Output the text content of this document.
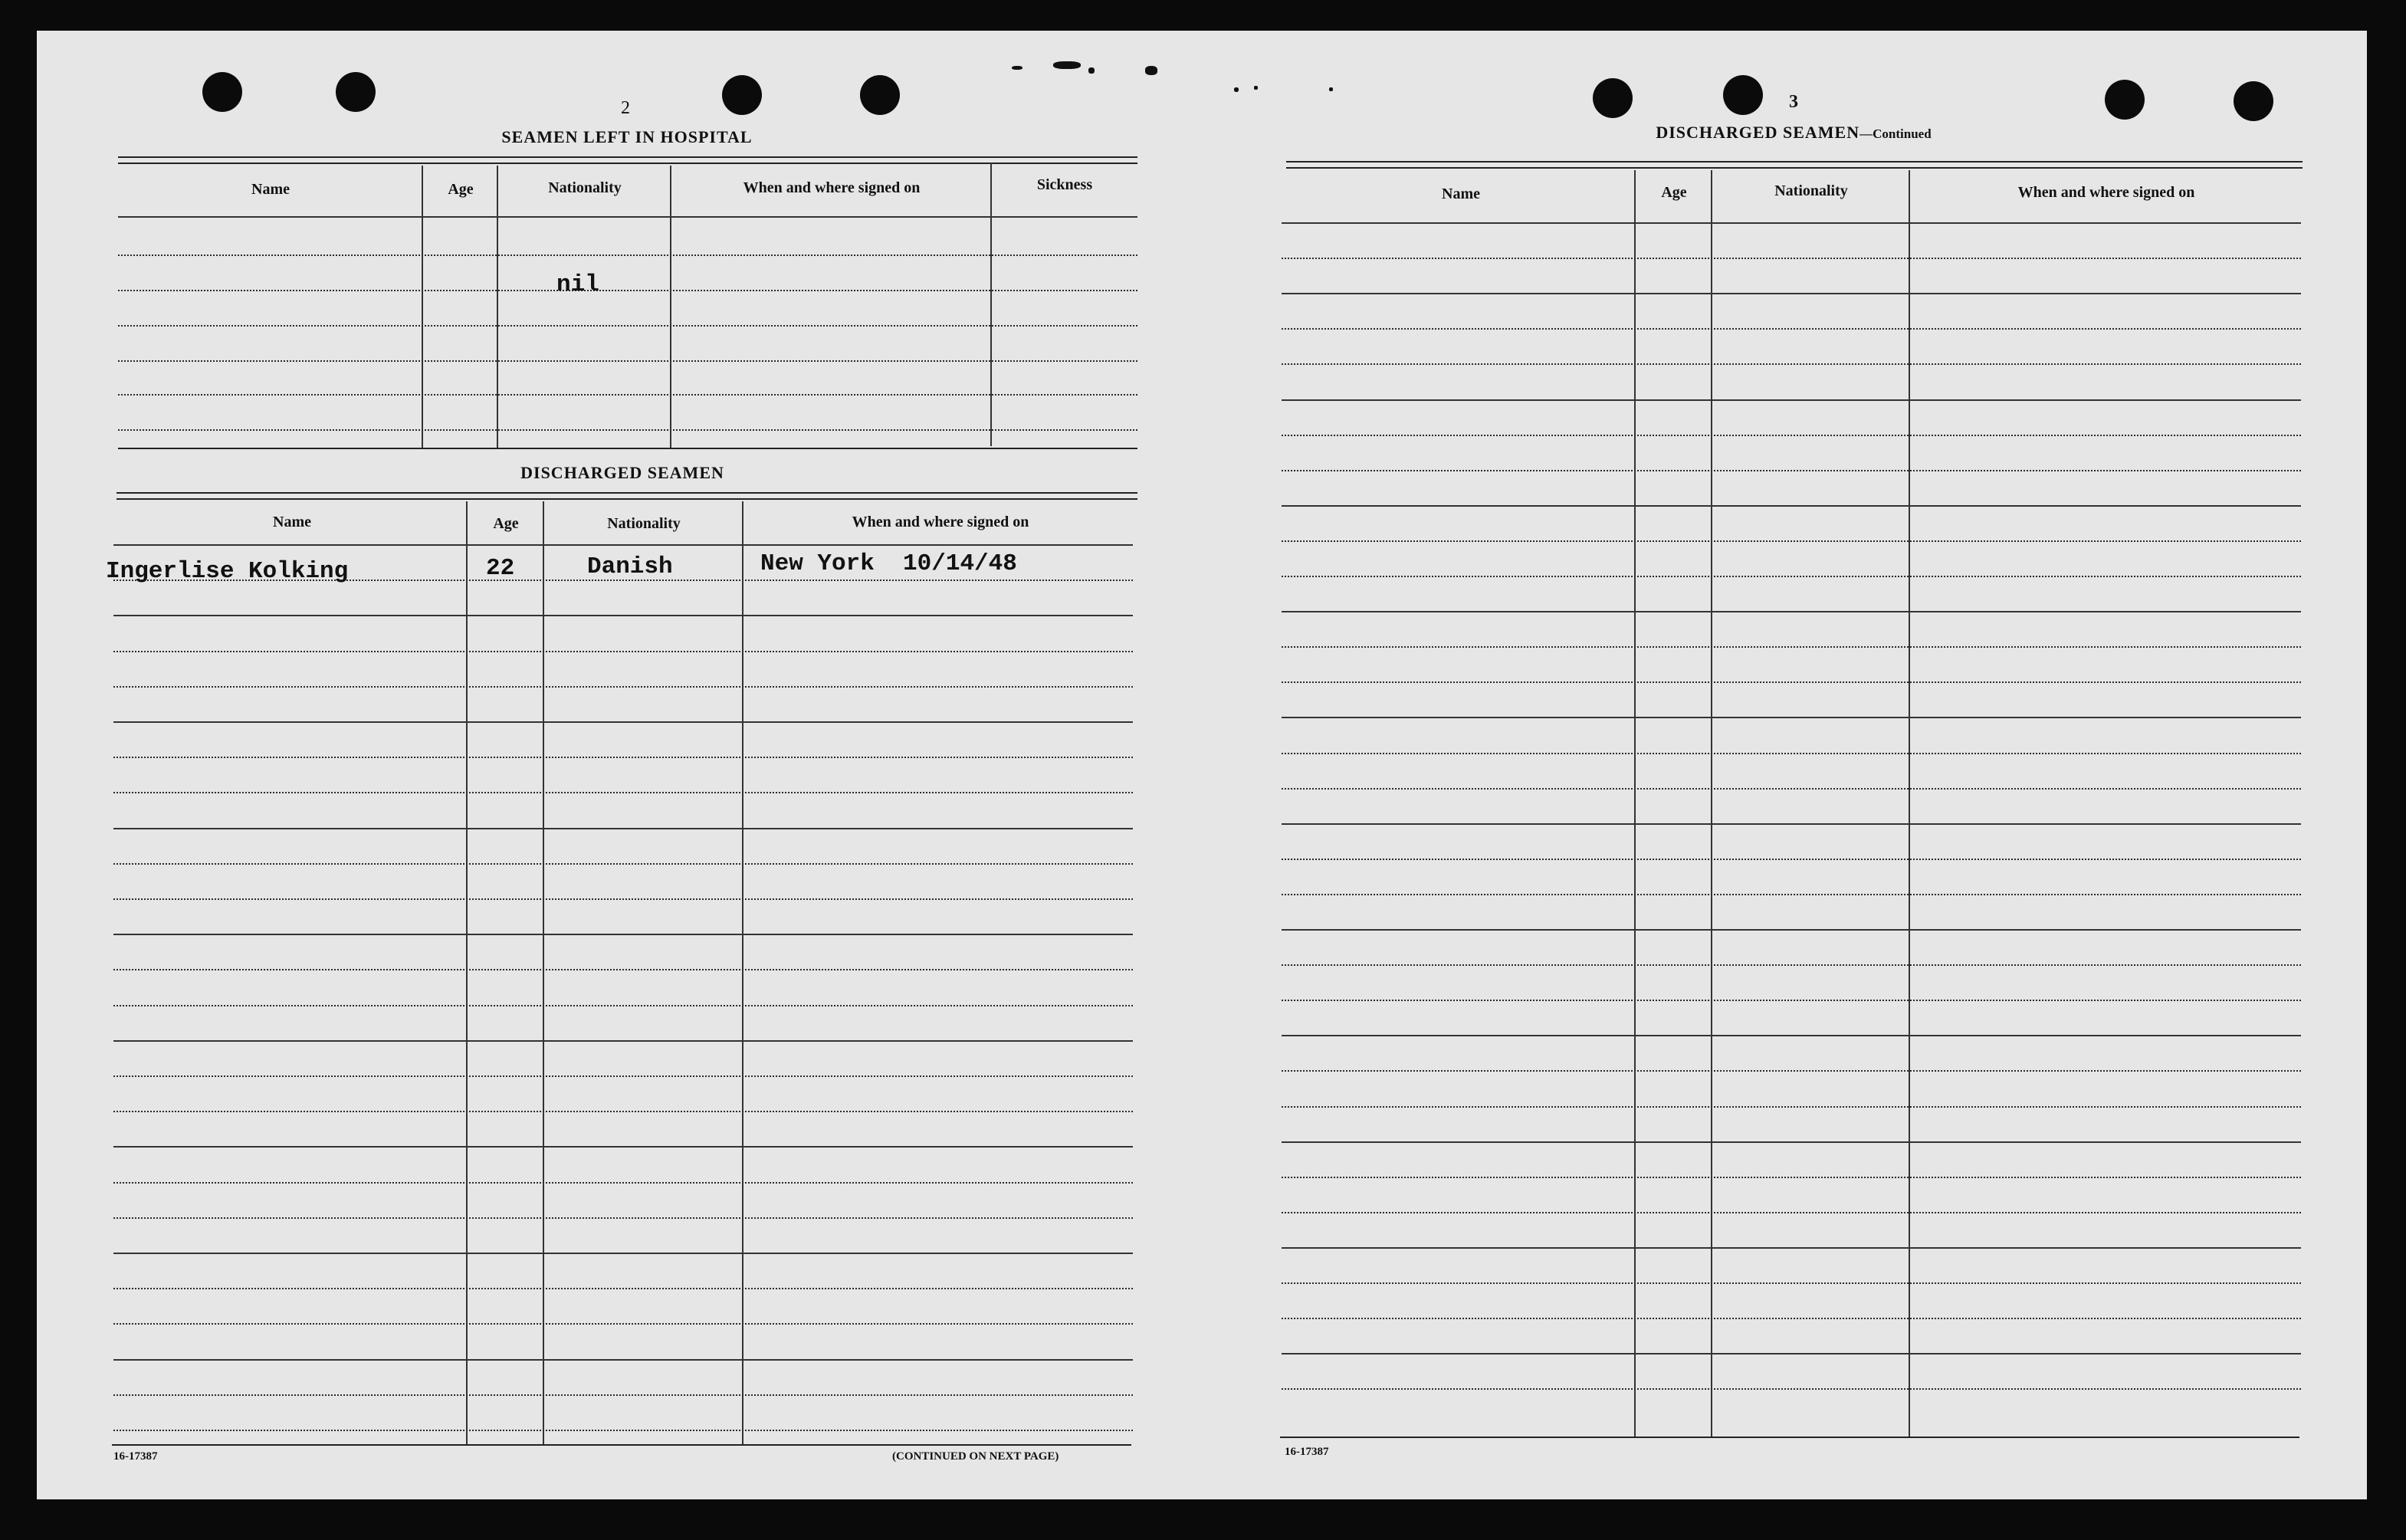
2
SEAMEN LEFT IN HOSPITAL
Name	Age	Nationality	When and where signed on	Sickness
nil
DISCHARGED SEAMEN
Name	Age	Nationality	When and where signed on
Ingerlise Kolking	22	Danish	New York  10/14/48
16-17387	(CONTINUED ON NEXT PAGE)
3
DISCHARGED SEAMEN—Continued
Name	Age	Nationality	When and where signed on
16-17387
